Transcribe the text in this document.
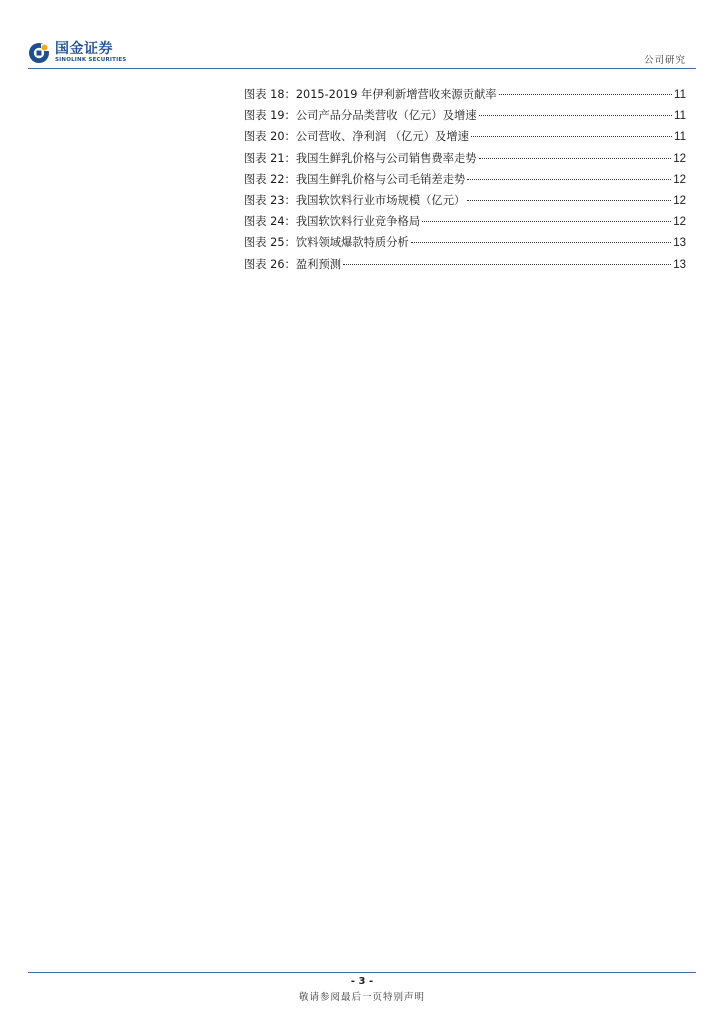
国金证券
SINOLINK SECURITIES	公司研究
图表 18：2015-2019 年伊利新增营收来源贡献率	11
图表 19：公司产品分品类营收（亿元）及增速	11
图表 20：公司营收、净利润 （亿元）及增速	11
图表 21：我国生鲜乳价格与公司销售费率走势	12
图表 22：我国生鲜乳价格与公司毛销差走势	12
图表 23：我国软饮料行业市场规模（亿元）	12
图表 24：我国软饮料行业竞争格局	12
图表 25：饮料领域爆款特质分析	13
图表 26：盈利预测	13
- 3 -
敬请参阅最后一页特别声明
